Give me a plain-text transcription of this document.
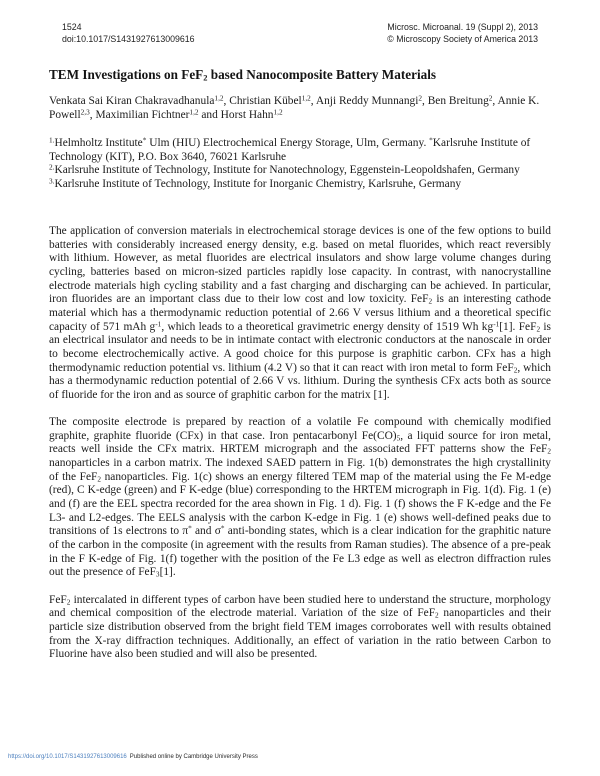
1524
doi:10.1017/S1431927613009616
Microsc. Microanal. 19 (Suppl 2), 2013
© Microscopy Society of America 2013
TEM Investigations on FeF$_2$ based Nanocomposite Battery Materials

Venkata Sai Kiran Chakravadhanula$^{1,2}$, Christian Kübel$^{1,2}$, Anji Reddy Munnangi$^2$, Ben Breitung$^2$, Annie K. Powell$^{2,3}$, Maximilian Fichtner$^{1,2}$ and Horst Hahn$^{1,2}$

$^{1.}$Helmholtz Institute* Ulm (HIU) Electrochemical Energy Storage, Ulm, Germany. *Karlsruhe Institute of Technology (KIT), P.O. Box 3640, 76021 Karlsruhe
$^{2.}$Karlsruhe Institute of Technology, Institute for Nanotechnology, Eggenstein-Leopoldshafen, Germany
$^{3.}$Karlsruhe Institute of Technology, Institute for Inorganic Chemistry, Karlsruhe, Germany

The application of conversion materials in electrochemical storage devices is one of the few options to build batteries with considerably increased energy density, e.g. based on metal fluorides, which react reversibly with lithium. However, as metal fluorides are electrical insulators and show large volume changes during cycling, batteries based on micron-sized particles rapidly lose capacity. In contrast, with nanocrystalline electrode materials high cycling stability and a fast charging and discharging can be achieved. In particular, iron fluorides are an important class due to their low cost and low toxicity. FeF$_2$ is an interesting cathode material which has a thermodynamic reduction potential of 2.66 V versus lithium and a theoretical specific capacity of 571 mAh $g^{-1}$, which leads to a theoretical gravimetric energy density of 1519 Wh $kg^{-1}[1]$. FeF$_2$ is an electrical insulator and needs to be in intimate contact with electronic conductors at the nanoscale in order to become electrochemically active. A good choice for this purpose is graphitic carbon. CFx has a high thermodynamic reduction potential vs. lithium (4.2 V) so that it can react with iron metal to form FeF$_2$, which has a thermodynamic reduction potential of 2.66 V vs. lithium. During the synthesis CFx acts both as source of fluoride for the iron and as source of graphitic carbon for the matrix [1].

The composite electrode is prepared by reaction of a volatile Fe compound with chemically modified graphite, graphite fluoride (CFx) in that case. Iron pentacarbonyl $Fe(CO)_5$, a liquid source for iron metal, reacts well inside the CFx matrix. HRTEM micrograph and the associated FFT patterns show the FeF$_2$ nanoparticles in a carbon matrix. The indexed SAED pattern in Fig. 1(b) demonstrates the high crystallinity of the FeF$_2$ nanoparticles. Fig. 1(c) shows an energy filtered TEM map of the material using the Fe M-edge (red), C K-edge (green) and F K-edge (blue) corresponding to the HRTEM micrograph in Fig. 1(d). Fig. 1 (e) and (f) are the EEL spectra recorded for the area shown in Fig. 1 d). Fig. 1 (f) shows the F K-edge and the Fe L3- and L2-edges. The EELS analysis with the carbon K-edge in Fig. 1 (e) shows well-defined peaks due to transitions of 1s electrons to π* and σ* anti-bonding states, which is a clear indication for the graphitic nature of the carbon in the composite (in agreement with the results from Raman studies). The absence of a pre-peak in the F K-edge of Fig. 1(f) together with the position of the Fe L3 edge as well as electron diffraction rules out the presence of FeF$_3$[1].

FeF$_2$ intercalated in different types of carbon have been studied here to understand the structure, morphology and chemical composition of the electrode material. Variation of the size of FeF$_2$ nanoparticles and their particle size distribution observed from the bright field TEM images corroborates well with results obtained from the X-ray diffraction techniques. Additionally, an effect of variation in the ratio between Carbon to Fluorine have also been studied and will also be presented.

https://doi.org/10.1017/S1431927613009616 Published online by Cambridge University Press
